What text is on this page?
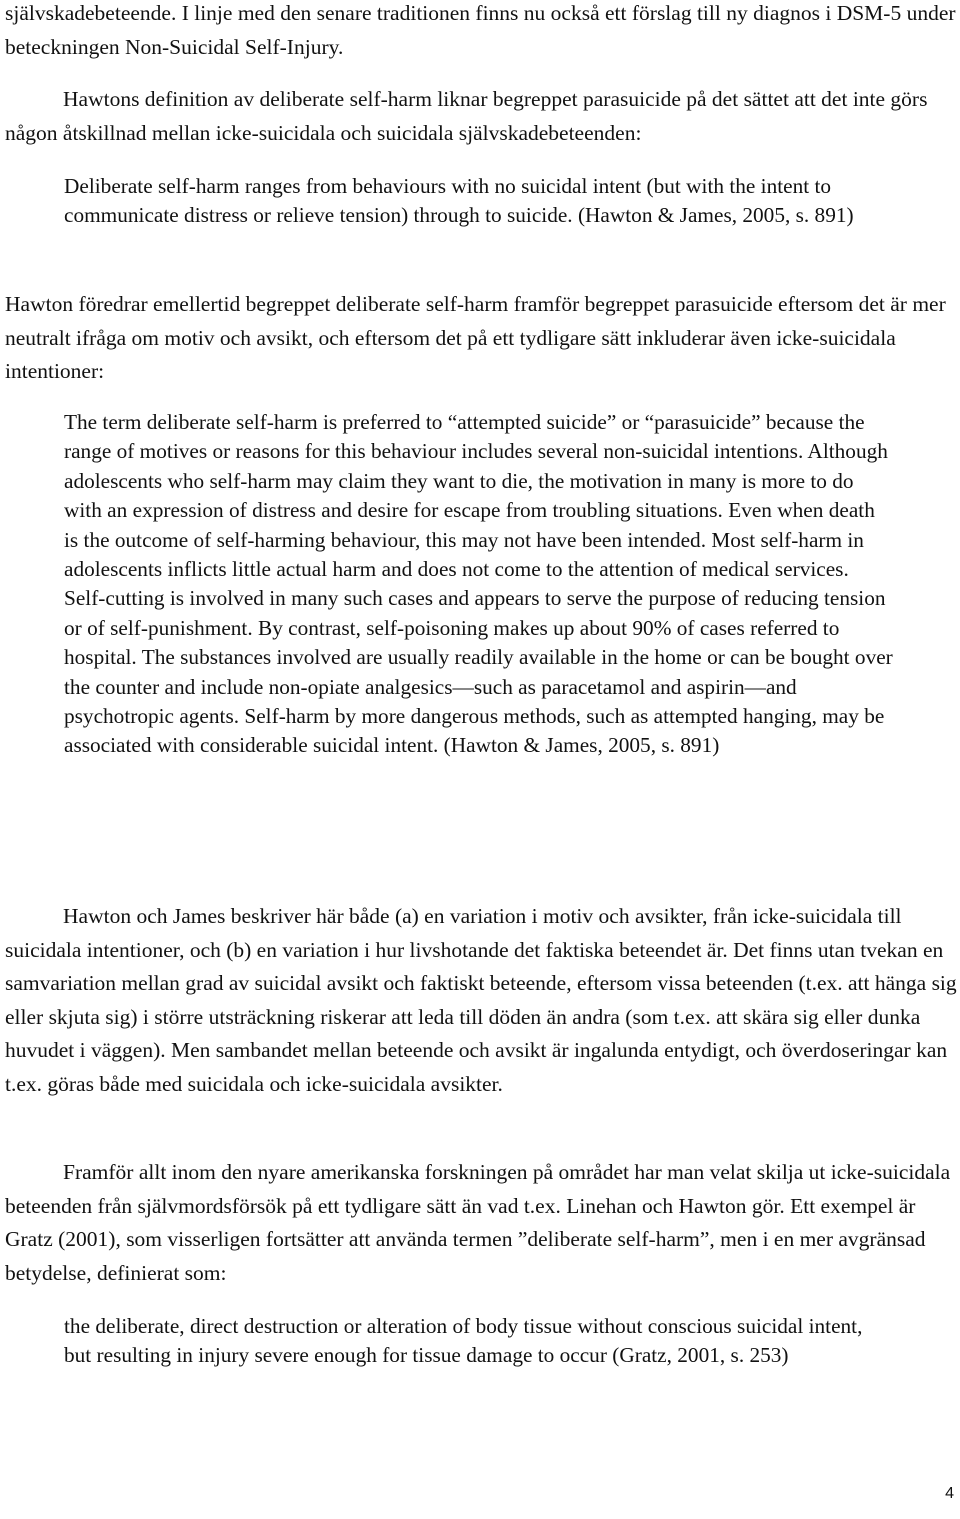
självskadebeteende. I linje med den senare traditionen finns nu också ett förslag till ny diagnos i DSM-5 under beteckningen Non-Suicidal Self-Injury.

Hawtons definition av deliberate self-harm liknar begreppet parasuicide på det sättet att det inte görs någon åtskillnad mellan icke-suicidala och suicidala självskadebeteenden:

Deliberate self-harm ranges from behaviours with no suicidal intent (but with the intent to communicate distress or relieve tension) through to suicide. (Hawton & James, 2005, s. 891)

Hawton föredrar emellertid begreppet deliberate self-harm framför begreppet parasuicide eftersom det är mer neutralt ifråga om motiv och avsikt, och eftersom det på ett tydligare sätt inkluderar även icke-suicidala intentioner:

The term deliberate self-harm is preferred to “attempted suicide” or “parasuicide” because the range of motives or reasons for this behaviour includes several non-suicidal intentions. Although adolescents who self-harm may claim they want to die, the motivation in many is more to do with an expression of distress and desire for escape from troubling situations. Even when death is the outcome of self-harming behaviour, this may not have been intended. Most self-harm in adolescents inflicts little actual harm and does not come to the attention of medical services. Self-cutting is involved in many such cases and appears to serve the purpose of reducing tension or of self-punishment. By contrast, self-poisoning makes up about 90% of cases referred to hospital. The substances involved are usually readily available in the home or can be bought over the counter and include non-opiate analgesics—such as paracetamol and aspirin—and psychotropic agents. Self-harm by more dangerous methods, such as attempted hanging, may be associated with considerable suicidal intent. (Hawton & James, 2005, s. 891)

Hawton och James beskriver här både (a) en variation i motiv och avsikter, från icke-suicidala till suicidala intentioner, och (b) en variation i hur livshotande det faktiska beteendet är. Det finns utan tvekan en samvariation mellan grad av suicidal avsikt och faktiskt beteende, eftersom vissa beteenden (t.ex. att hänga sig eller skjuta sig) i större utsträckning riskerar att leda till döden än andra (som t.ex. att skära sig eller dunka huvudet i väggen). Men sambandet mellan beteende och avsikt är ingalunda entydigt, och överdoseringar kan t.ex. göras både med suicidala och icke-suicidala avsikter.

Framför allt inom den nyare amerikanska forskningen på området har man velat skilja ut icke-suicidala beteenden från självmordsförsök på ett tydligare sätt än vad t.ex. Linehan och Hawton gör. Ett exempel är Gratz (2001), som visserligen fortsätter att använda termen ”deliberate self-harm”, men i en mer avgränsad betydelse, definierat som:

the deliberate, direct destruction or alteration of body tissue without conscious suicidal intent, but resulting in injury severe enough for tissue damage to occur (Gratz, 2001, s. 253)
4
